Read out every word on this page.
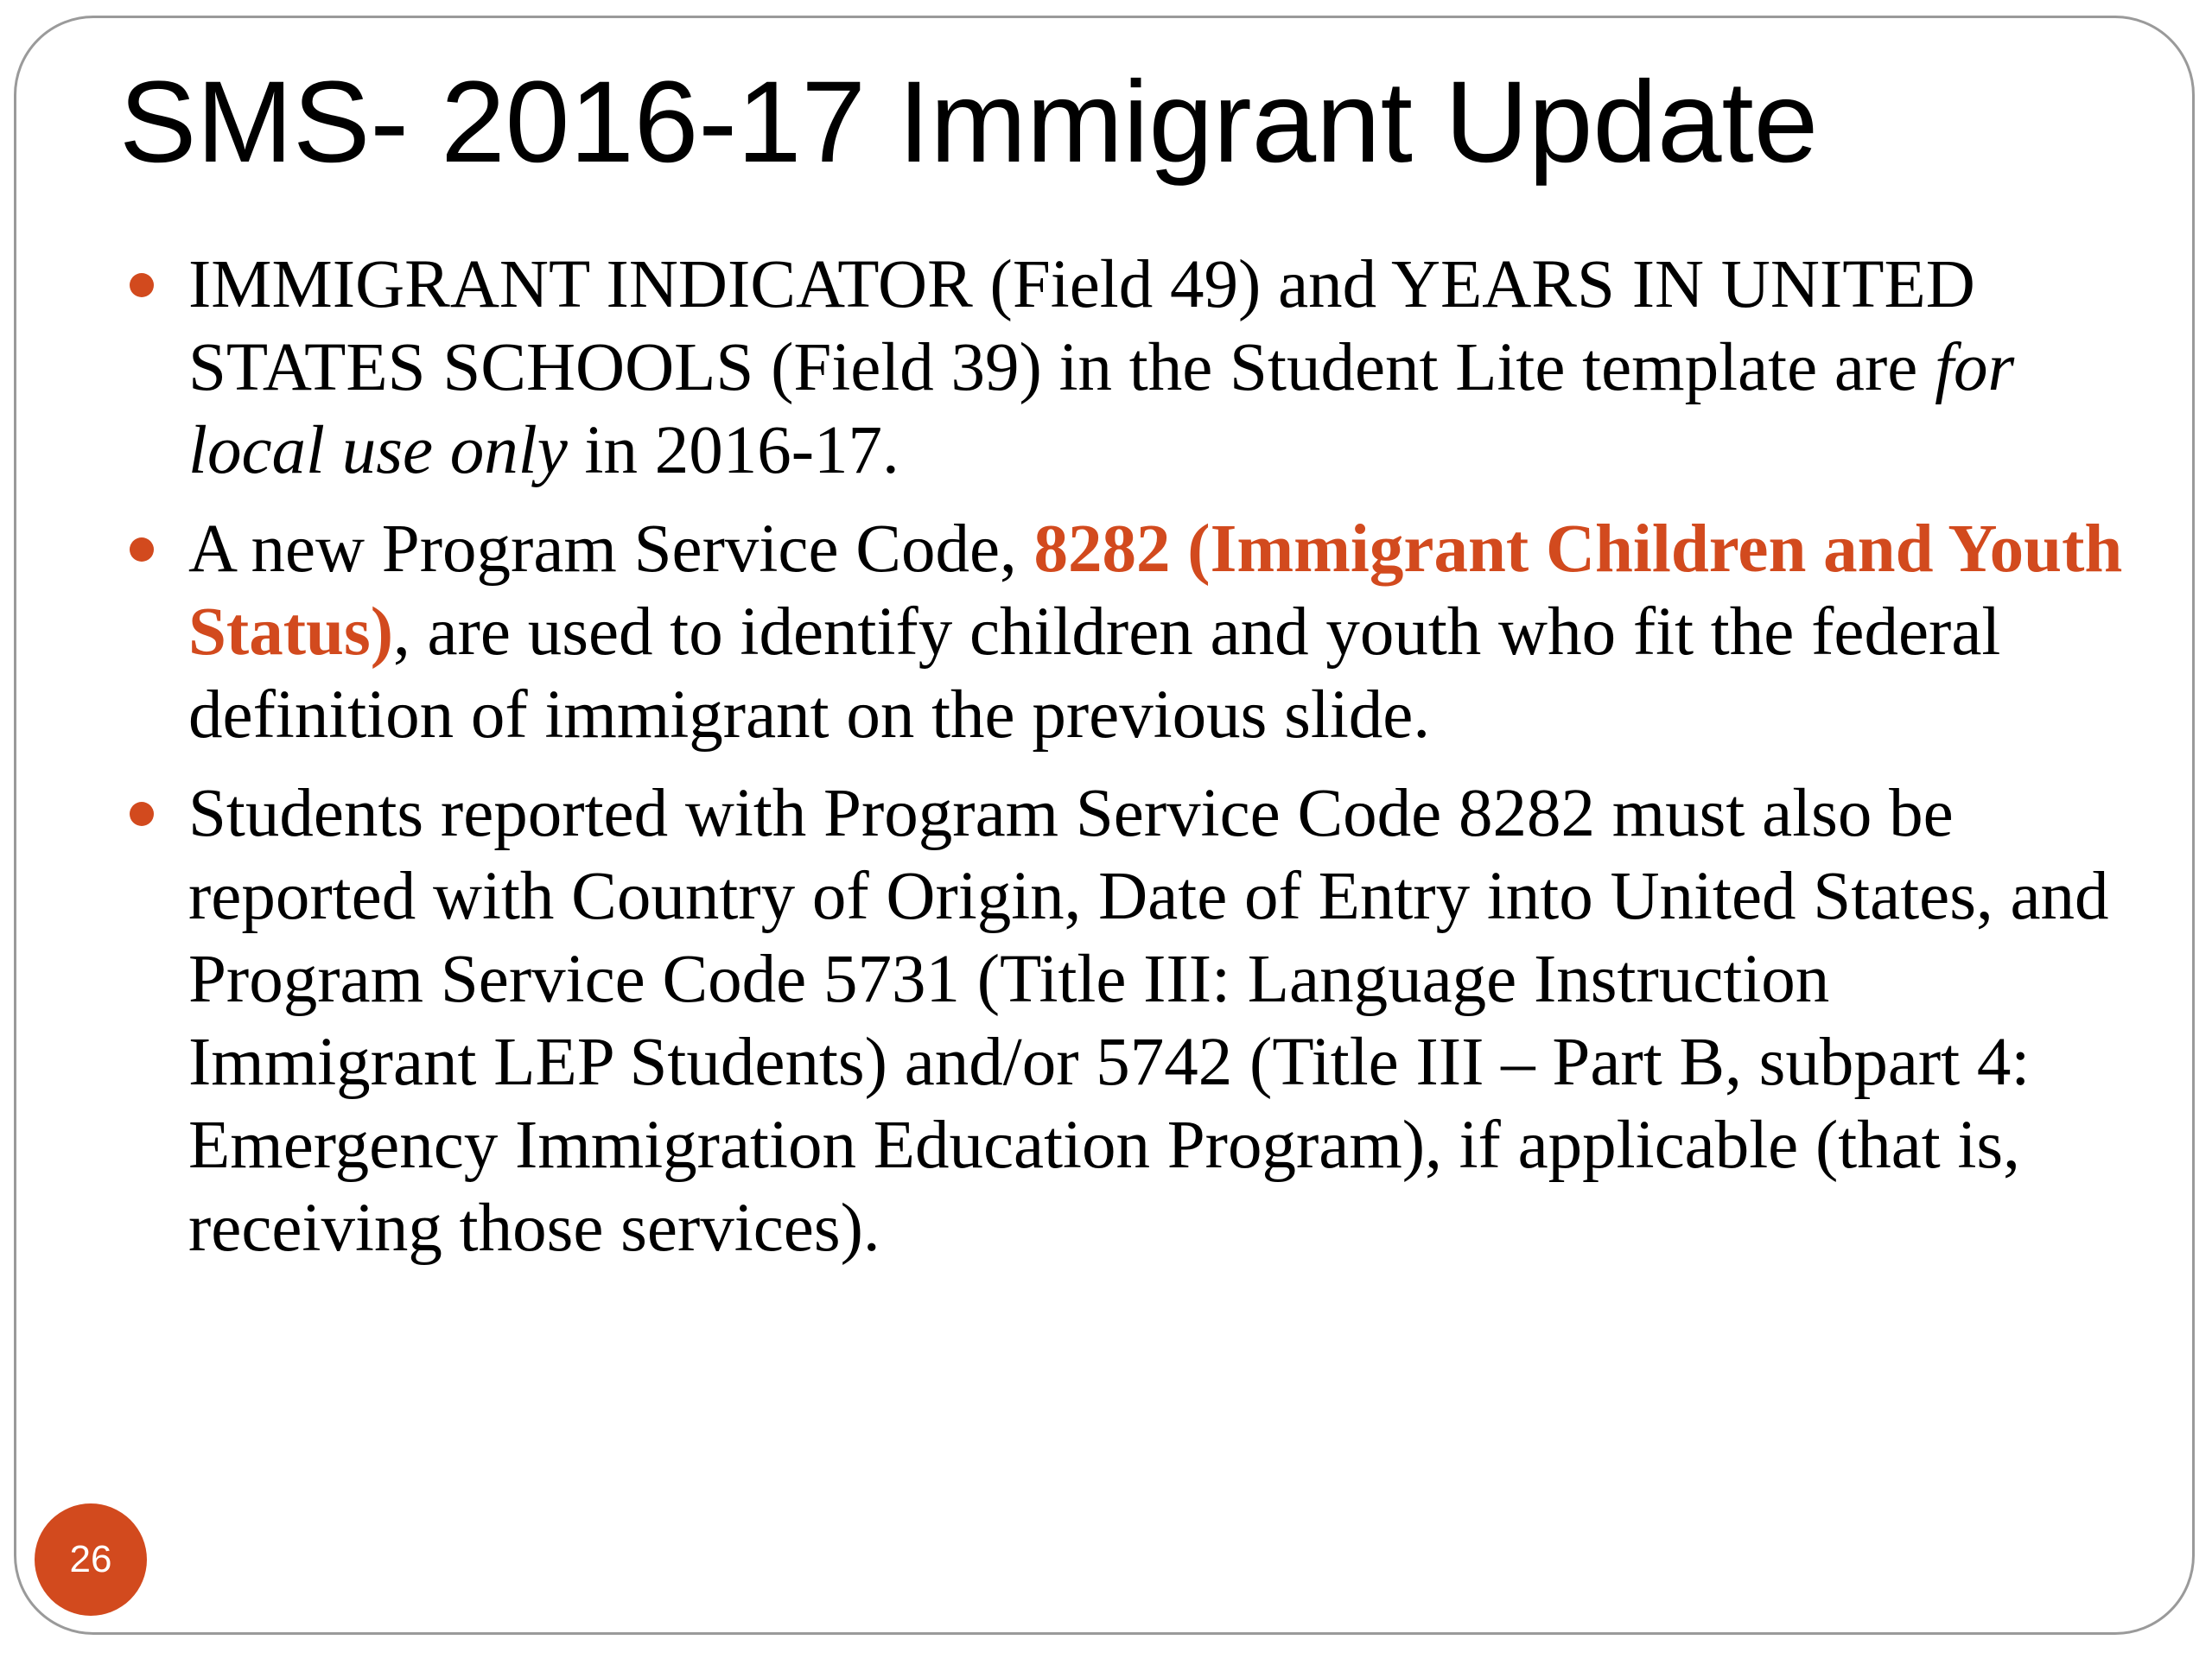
SMS- 2016-17 Immigrant Update
IMMIGRANT INDICATOR (Field 49) and YEARS IN UNITED STATES SCHOOLS (Field 39) in the Student Lite template are for local use only in 2016-17.
A new Program Service Code, 8282 (Immigrant Children and Youth Status), are used to identify children and youth who fit the federal definition of immigrant on the previous slide.
Students reported with Program Service Code 8282 must also be reported with Country of Origin, Date of Entry into United States, and Program Service Code 5731 (Title III: Language Instruction Immigrant LEP Students) and/or 5742 (Title III – Part B, subpart 4: Emergency Immigration Education Program), if applicable (that is, receiving those services).
26
